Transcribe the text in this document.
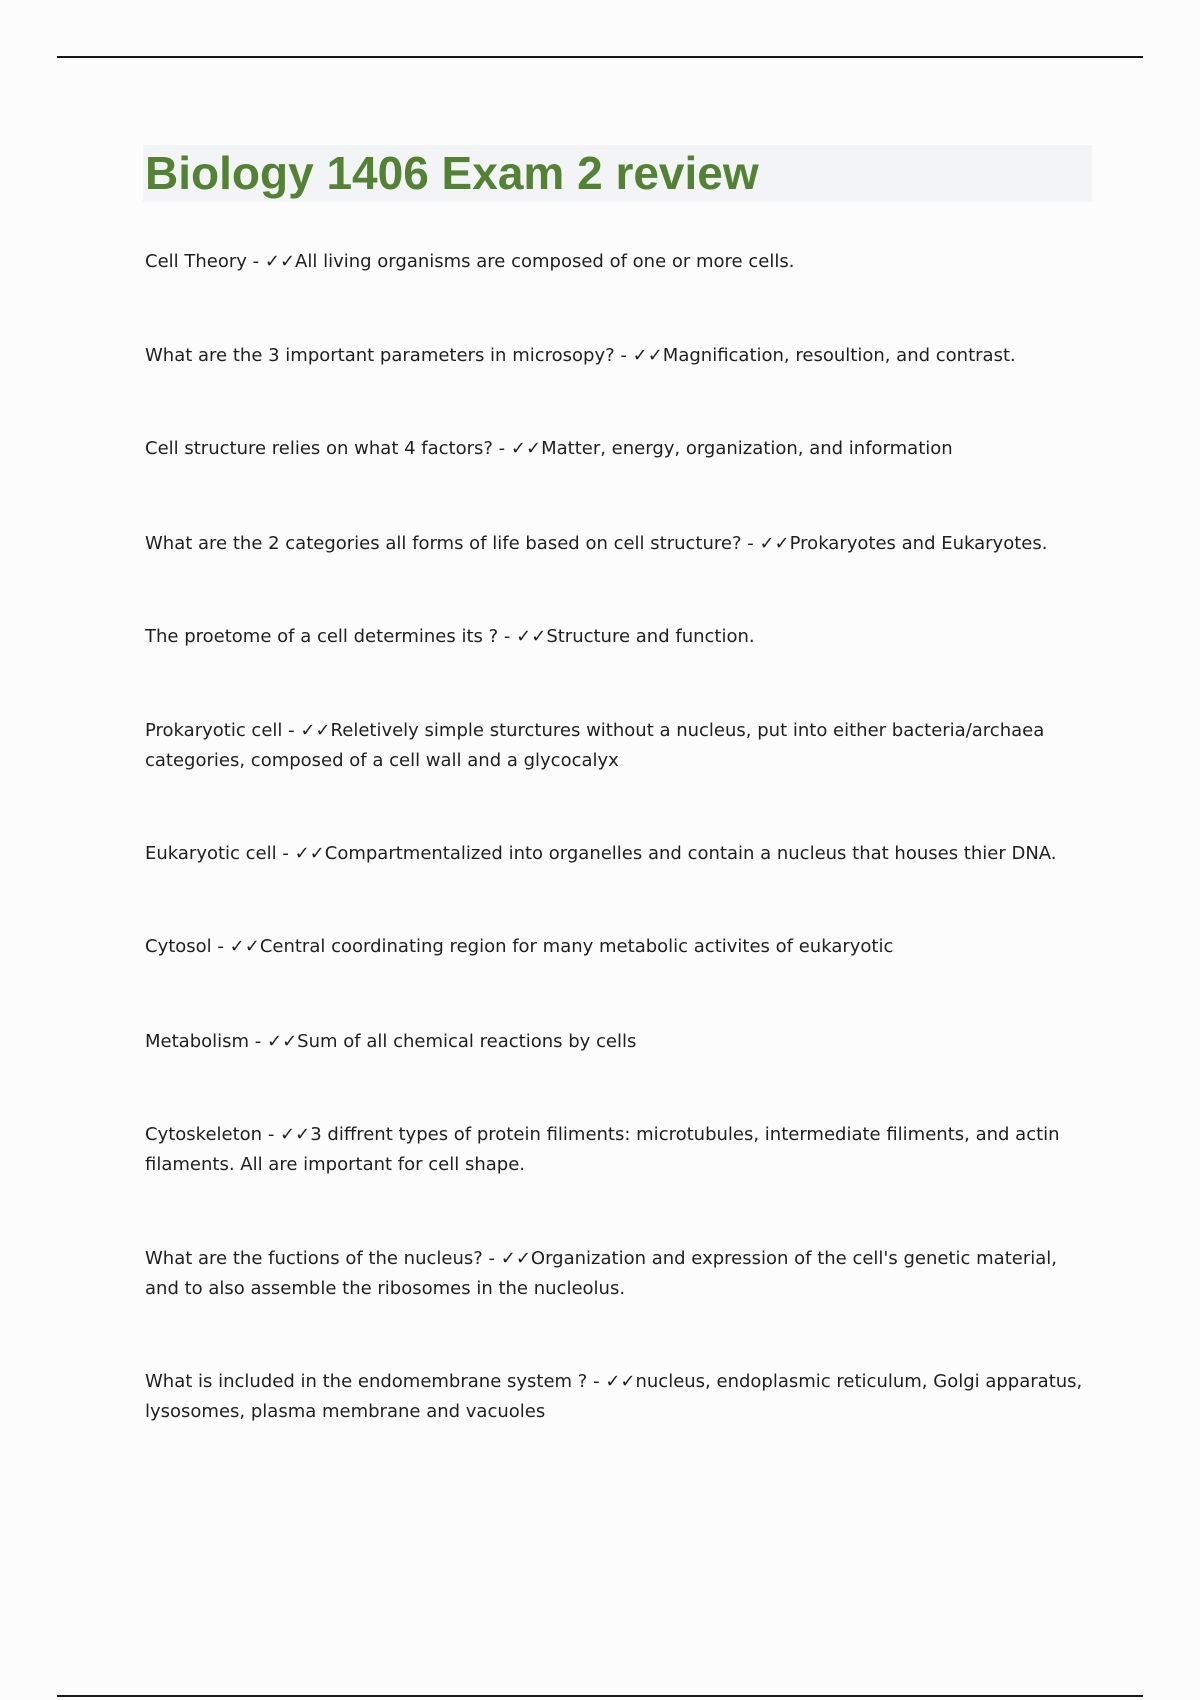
Biology 1406 Exam 2 review
Cell Theory - ✓✓All living organisms are composed of one or more cells.
What are the 3 important parameters in microsopy? - ✓✓Magnification, resoultion, and contrast.
Cell structure relies on what 4 factors? - ✓✓Matter, energy, organization, and information
What are the 2 categories all forms of life based on cell structure? - ✓✓Prokaryotes and Eukaryotes.
The proetome of a cell determines its ? - ✓✓Structure and function.
Prokaryotic cell - ✓✓Reletively simple sturctures without a nucleus, put into either bacteria/archaea categories, composed of a cell wall and a glycocalyx
Eukaryotic cell - ✓✓Compartmentalized into organelles and contain a nucleus that houses thier DNA.
Cytosol - ✓✓Central coordinating region for many metabolic activites of eukaryotic
Metabolism - ✓✓Sum of all chemical reactions by cells
Cytoskeleton - ✓✓3 diffrent types of protein filiments: microtubules, intermediate filiments, and actin filaments. All are important for cell shape.
What are the fuctions of the nucleus? - ✓✓Organization and expression of the cell's genetic material, and to also assemble the ribosomes in the nucleolus.
What is included in the endomembrane system ? - ✓✓nucleus, endoplasmic reticulum, Golgi apparatus, lysosomes, plasma membrane and vacuoles
